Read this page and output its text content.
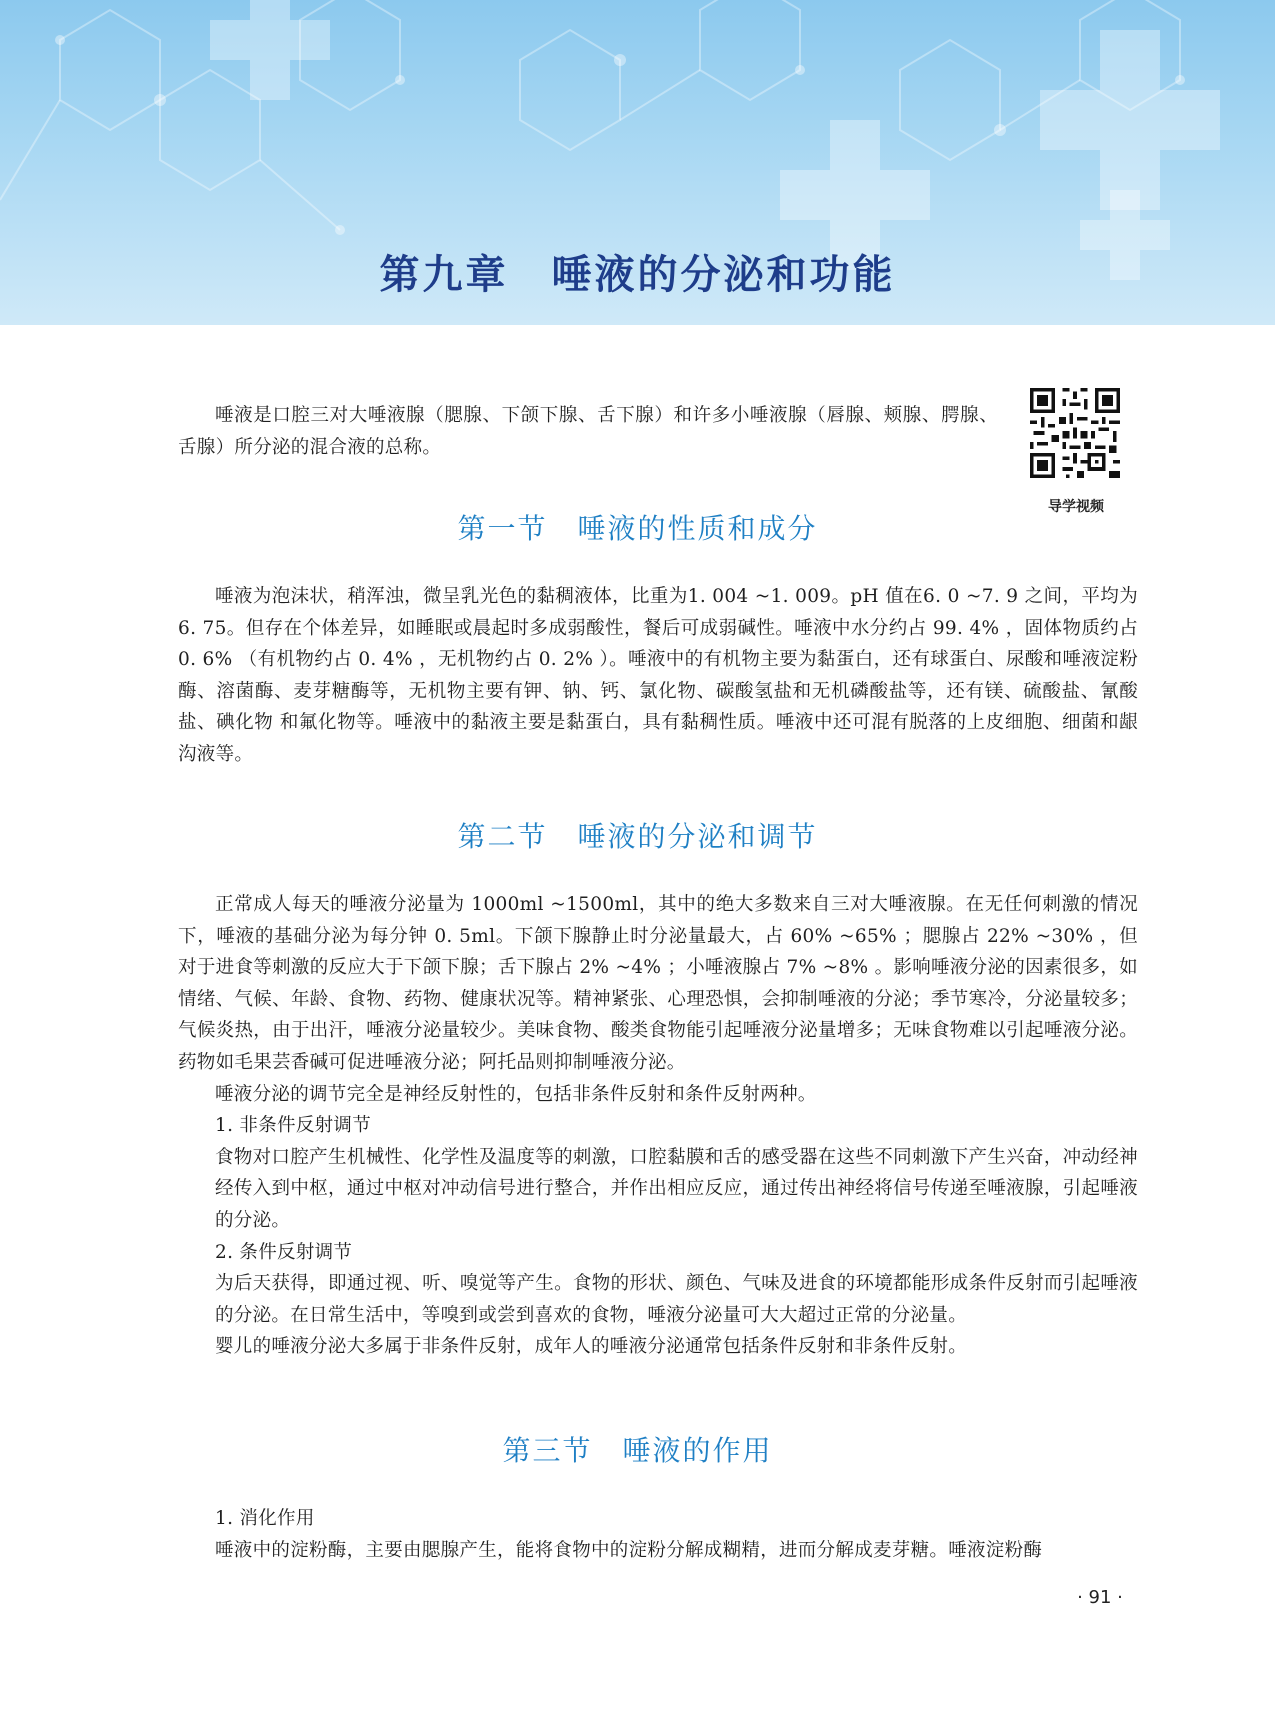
第九章　唾液的分泌和功能
导学视频

唾液是口腔三对大唾液腺（腮腺、下颌下腺、舌下腺）和许多小唾液腺（唇腺、颊腺、腭腺、舌腺）所分泌的混合液的总称。

第一节　唾液的性质和成分

唾液为泡沫状，稍浑浊，微呈乳光色的黏稠液体，比重为1. 004 ~1. 009。pH 值在6. 0 ~7. 9 之间，平均为6. 75。但存在个体差异，如睡眠或晨起时多成弱酸性，餐后可成弱碱性。唾液中水分约占 99. 4% ，固体物质约占 0. 6% （有机物约占 0. 4% ，无机物约占 0. 2% ）。唾液中的有机物主要为黏蛋白，还有球蛋白、尿酸和唾液淀粉酶、溶菌酶、麦芽糖酶等，无机物主要有钾、钠、钙、氯化物、碳酸氢盐和无机磷酸盐等，还有镁、硫酸盐、氰酸盐、碘化物 和氟化物等。唾液中的黏液主要是黏蛋白，具有黏稠性质。唾液中还可混有脱落的上皮细胞、细菌和龈沟液等。

第二节　唾液的分泌和调节

正常成人每天的唾液分泌量为 1000ml ~1500ml，其中的绝大多数来自三对大唾液腺。在无任何刺激的情况下，唾液的基础分泌为每分钟 0. 5ml。下颌下腺静止时分泌量最大，占 60% ~65% ；腮腺占 22% ~30% ，但对于进食等刺激的反应大于下颌下腺；舌下腺占 2% ~4% ；小唾液腺占 7% ~8% 。影响唾液分泌的因素很多，如情绪、气候、年龄、食物、药物、健康状况等。精神紧张、心理恐惧，会抑制唾液的分泌；季节寒冷，分泌量较多；气候炎热，由于出汗，唾液分泌量较少。美味食物、酸类食物能引起唾液分泌量增多；无味食物难以引起唾液分泌。药物如毛果芸香碱可促进唾液分泌；阿托品则抑制唾液分泌。

唾液分泌的调节完全是神经反射性的，包括非条件反射和条件反射两种。

1. 非条件反射调节

食物对口腔产生机械性、化学性及温度等的刺激，口腔黏膜和舌的感受器在这些不同刺激下产生兴奋，冲动经神经传入到中枢，通过中枢对冲动信号进行整合，并作出相应反应，通过传出神经将信号传递至唾液腺，引起唾液的分泌。

2. 条件反射调节

为后天获得，即通过视、听、嗅觉等产生。食物的形状、颜色、气味及进食的环境都能形成条件反射而引起唾液的分泌。在日常生活中，等嗅到或尝到喜欢的食物，唾液分泌量可大大超过正常的分泌量。

婴儿的唾液分泌大多属于非条件反射，成年人的唾液分泌通常包括条件反射和非条件反射。

第三节　唾液的作用

1. 消化作用

唾液中的淀粉酶，主要由腮腺产生，能将食物中的淀粉分解成糊精，进而分解成麦芽糖。唾液淀粉酶

· 91 ·
